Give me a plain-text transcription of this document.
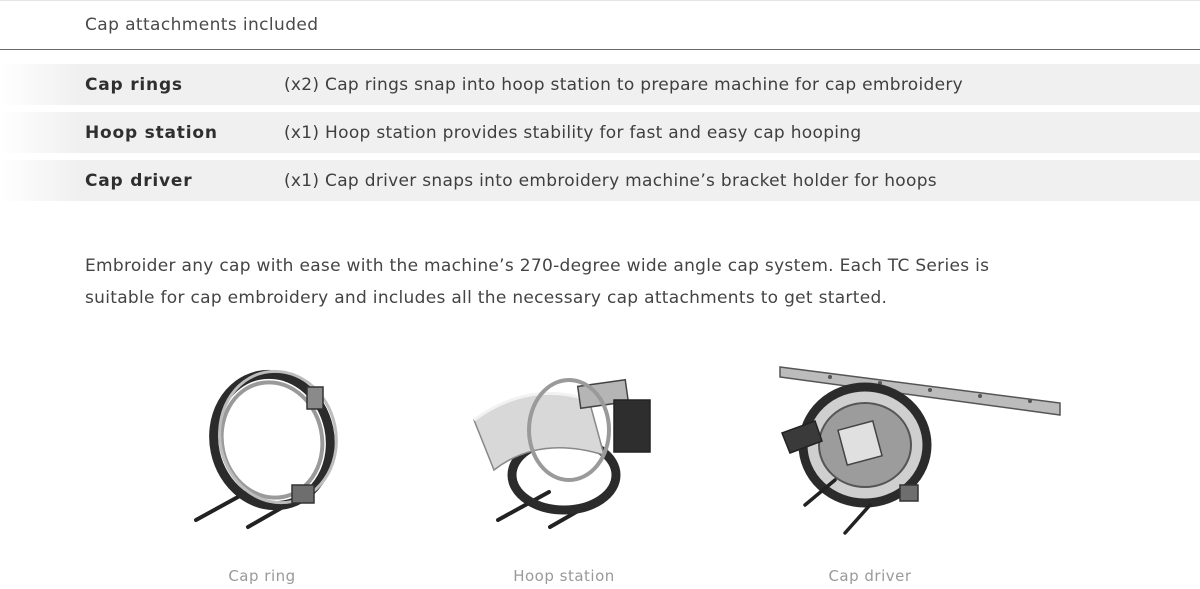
Cap attachments included
Cap rings	(x2) Cap rings snap into hoop station to prepare machine for cap embroidery
Hoop station	(x1) Hoop station provides stability for fast and easy cap hooping
Cap driver	(x1) Cap driver snaps into embroidery machine’s bracket holder for hoops
Embroider any cap with ease with the machine’s 270-degree wide angle cap system. Each TC Series is
suitable for cap embroidery and includes all the necessary cap attachments to get started.
Cap ring	Hoop station	Cap driver
